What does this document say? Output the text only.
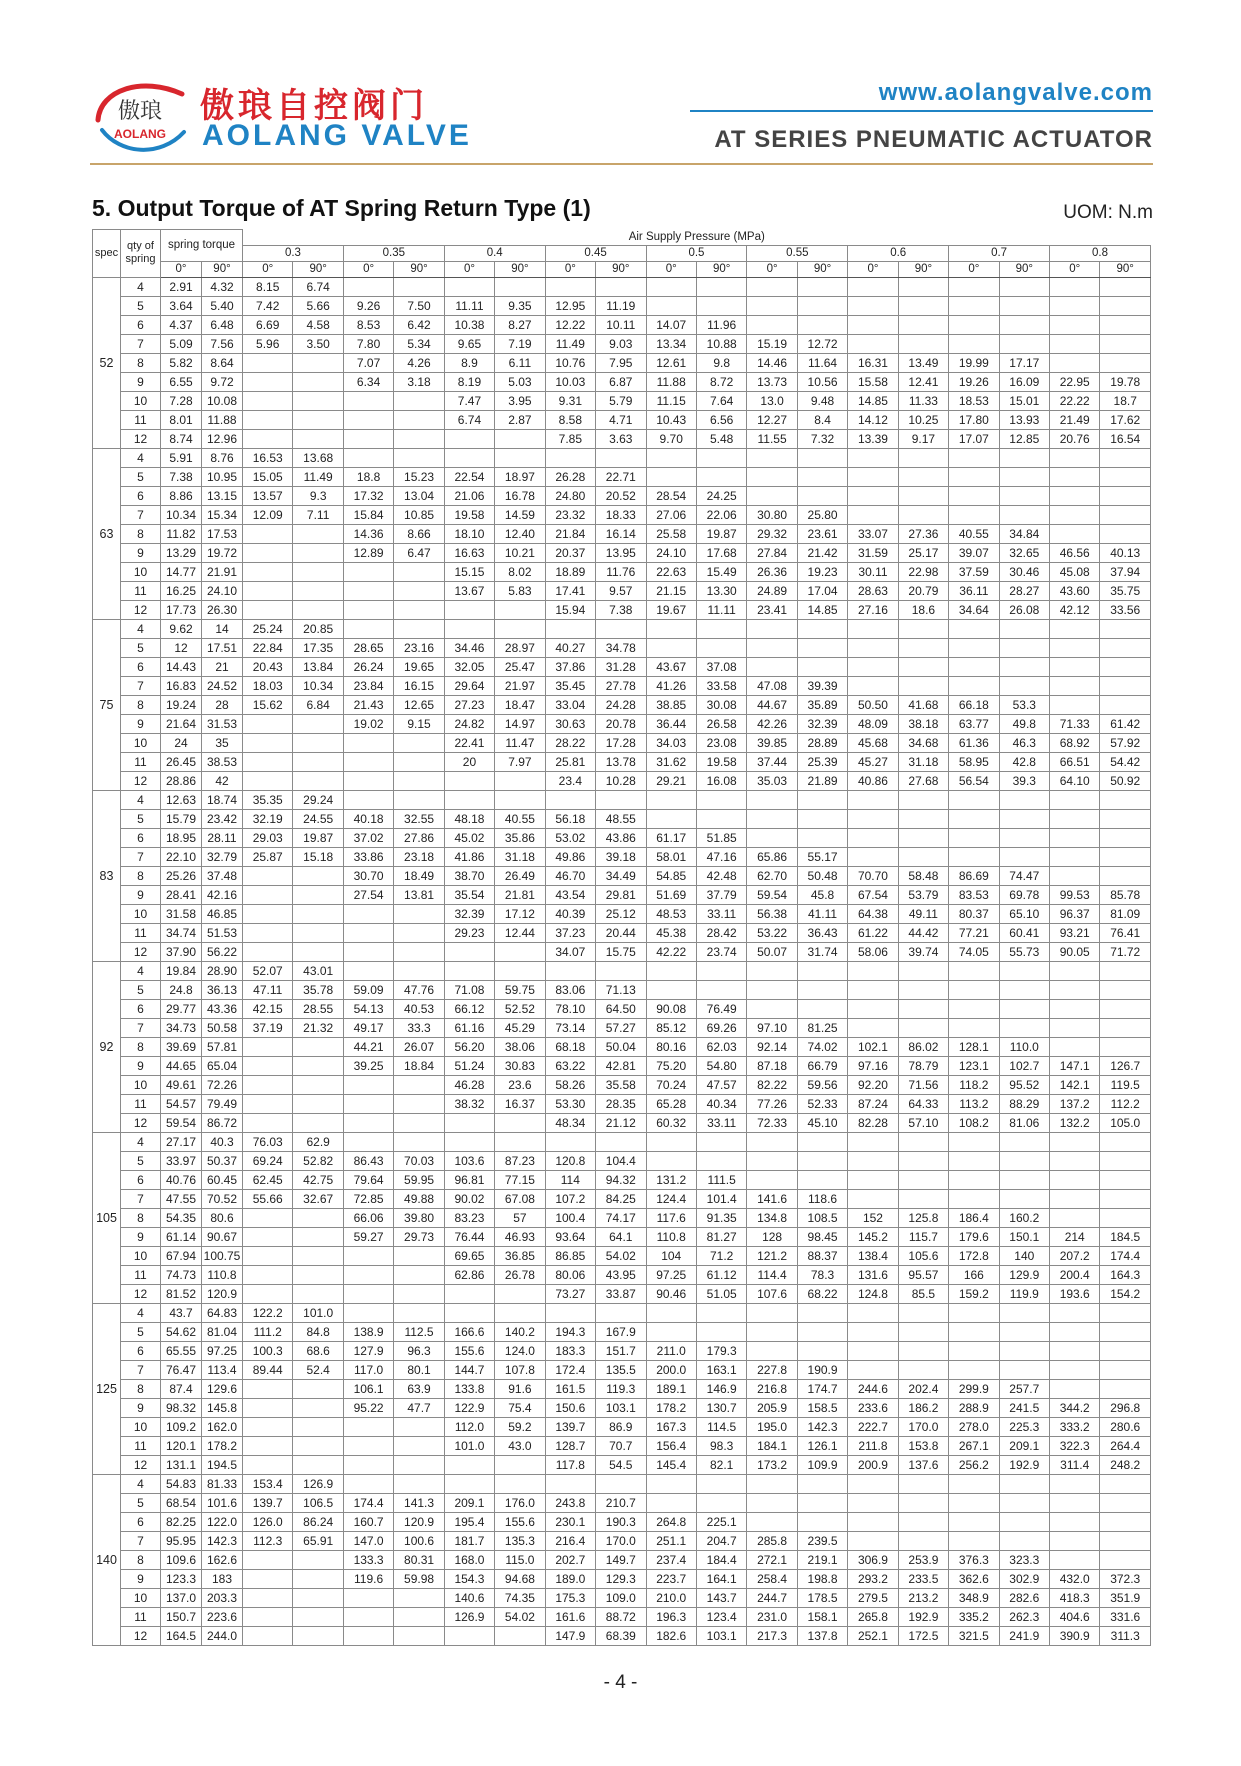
傲琅
AOLANG
傲琅自控阀门
AOLANG VALVE
www.aolangvalve.com
AT SERIES PNEUMATIC ACTUATOR
5. Output Torque of AT Spring Return Type (1)	UOM: N.m
spec	qty of spring	spring torque		Air Supply Pressure (MPa)																	
				0.3		0.35		0.4		0.45		0.5		0.55		0.6		0.7		0.8	
		0°	90°	0°	90°	0°	90°	0°	90°	0°	90°	0°	90°	0°	90°	0°	90°	0°	90°	0°	90°
52	4	2.91	4.32	8.15	6.74																
	5	3.64	5.40	7.42	5.66	9.26	7.50	11.11	9.35	12.95	11.19										
	6	4.37	6.48	6.69	4.58	8.53	6.42	10.38	8.27	12.22	10.11	14.07	11.96								
	7	5.09	7.56	5.96	3.50	7.80	5.34	9.65	7.19	11.49	9.03	13.34	10.88	15.19	12.72						
	8	5.82	8.64			7.07	4.26	8.9	6.11	10.76	7.95	12.61	9.8	14.46	11.64	16.31	13.49	19.99	17.17		
	9	6.55	9.72			6.34	3.18	8.19	5.03	10.03	6.87	11.88	8.72	13.73	10.56	15.58	12.41	19.26	16.09	22.95	19.78
	10	7.28	10.08					7.47	3.95	9.31	5.79	11.15	7.64	13.0	9.48	14.85	11.33	18.53	15.01	22.22	18.7
	11	8.01	11.88					6.74	2.87	8.58	4.71	10.43	6.56	12.27	8.4	14.12	10.25	17.80	13.93	21.49	17.62
	12	8.74	12.96							7.85	3.63	9.70	5.48	11.55	7.32	13.39	9.17	17.07	12.85	20.76	16.54
63	4	5.91	8.76	16.53	13.68																
	5	7.38	10.95	15.05	11.49	18.8	15.23	22.54	18.97	26.28	22.71										
	6	8.86	13.15	13.57	9.3	17.32	13.04	21.06	16.78	24.80	20.52	28.54	24.25								
	7	10.34	15.34	12.09	7.11	15.84	10.85	19.58	14.59	23.32	18.33	27.06	22.06	30.80	25.80						
	8	11.82	17.53			14.36	8.66	18.10	12.40	21.84	16.14	25.58	19.87	29.32	23.61	33.07	27.36	40.55	34.84		
	9	13.29	19.72			12.89	6.47	16.63	10.21	20.37	13.95	24.10	17.68	27.84	21.42	31.59	25.17	39.07	32.65	46.56	40.13
	10	14.77	21.91					15.15	8.02	18.89	11.76	22.63	15.49	26.36	19.23	30.11	22.98	37.59	30.46	45.08	37.94
	11	16.25	24.10					13.67	5.83	17.41	9.57	21.15	13.30	24.89	17.04	28.63	20.79	36.11	28.27	43.60	35.75
	12	17.73	26.30							15.94	7.38	19.67	11.11	23.41	14.85	27.16	18.6	34.64	26.08	42.12	33.56
75	4	9.62	14	25.24	20.85																
	5	12	17.51	22.84	17.35	28.65	23.16	34.46	28.97	40.27	34.78										
	6	14.43	21	20.43	13.84	26.24	19.65	32.05	25.47	37.86	31.28	43.67	37.08								
	7	16.83	24.52	18.03	10.34	23.84	16.15	29.64	21.97	35.45	27.78	41.26	33.58	47.08	39.39						
	8	19.24	28	15.62	6.84	21.43	12.65	27.23	18.47	33.04	24.28	38.85	30.08	44.67	35.89	50.50	41.68	66.18	53.3		
	9	21.64	31.53			19.02	9.15	24.82	14.97	30.63	20.78	36.44	26.58	42.26	32.39	48.09	38.18	63.77	49.8	71.33	61.42
	10	24	35					22.41	11.47	28.22	17.28	34.03	23.08	39.85	28.89	45.68	34.68	61.36	46.3	68.92	57.92
	11	26.45	38.53					20	7.97	25.81	13.78	31.62	19.58	37.44	25.39	45.27	31.18	58.95	42.8	66.51	54.42
	12	28.86	42							23.4	10.28	29.21	16.08	35.03	21.89	40.86	27.68	56.54	39.3	64.10	50.92
83	4	12.63	18.74	35.35	29.24																
	5	15.79	23.42	32.19	24.55	40.18	32.55	48.18	40.55	56.18	48.55										
	6	18.95	28.11	29.03	19.87	37.02	27.86	45.02	35.86	53.02	43.86	61.17	51.85								
	7	22.10	32.79	25.87	15.18	33.86	23.18	41.86	31.18	49.86	39.18	58.01	47.16	65.86	55.17						
	8	25.26	37.48			30.70	18.49	38.70	26.49	46.70	34.49	54.85	42.48	62.70	50.48	70.70	58.48	86.69	74.47		
	9	28.41	42.16			27.54	13.81	35.54	21.81	43.54	29.81	51.69	37.79	59.54	45.8	67.54	53.79	83.53	69.78	99.53	85.78
	10	31.58	46.85					32.39	17.12	40.39	25.12	48.53	33.11	56.38	41.11	64.38	49.11	80.37	65.10	96.37	81.09
	11	34.74	51.53					29.23	12.44	37.23	20.44	45.38	28.42	53.22	36.43	61.22	44.42	77.21	60.41	93.21	76.41
	12	37.90	56.22							34.07	15.75	42.22	23.74	50.07	31.74	58.06	39.74	74.05	55.73	90.05	71.72
92	4	19.84	28.90	52.07	43.01																
	5	24.8	36.13	47.11	35.78	59.09	47.76	71.08	59.75	83.06	71.13										
	6	29.77	43.36	42.15	28.55	54.13	40.53	66.12	52.52	78.10	64.50	90.08	76.49								
	7	34.73	50.58	37.19	21.32	49.17	33.3	61.16	45.29	73.14	57.27	85.12	69.26	97.10	81.25						
	8	39.69	57.81			44.21	26.07	56.20	38.06	68.18	50.04	80.16	62.03	92.14	74.02	102.1	86.02	128.1	110.0		
	9	44.65	65.04			39.25	18.84	51.24	30.83	63.22	42.81	75.20	54.80	87.18	66.79	97.16	78.79	123.1	102.7	147.1	126.7
	10	49.61	72.26					46.28	23.6	58.26	35.58	70.24	47.57	82.22	59.56	92.20	71.56	118.2	95.52	142.1	119.5
	11	54.57	79.49					38.32	16.37	53.30	28.35	65.28	40.34	77.26	52.33	87.24	64.33	113.2	88.29	137.2	112.2
	12	59.54	86.72							48.34	21.12	60.32	33.11	72.33	45.10	82.28	57.10	108.2	81.06	132.2	105.0
105	4	27.17	40.3	76.03	62.9																
	5	33.97	50.37	69.24	52.82	86.43	70.03	103.6	87.23	120.8	104.4										
	6	40.76	60.45	62.45	42.75	79.64	59.95	96.81	77.15	114	94.32	131.2	111.5								
	7	47.55	70.52	55.66	32.67	72.85	49.88	90.02	67.08	107.2	84.25	124.4	101.4	141.6	118.6						
	8	54.35	80.6			66.06	39.80	83.23	57	100.4	74.17	117.6	91.35	134.8	108.5	152	125.8	186.4	160.2		
	9	61.14	90.67			59.27	29.73	76.44	46.93	93.64	64.1	110.8	81.27	128	98.45	145.2	115.7	179.6	150.1	214	184.5
	10	67.94	100.75					69.65	36.85	86.85	54.02	104	71.2	121.2	88.37	138.4	105.6	172.8	140	207.2	174.4
	11	74.73	110.8					62.86	26.78	80.06	43.95	97.25	61.12	114.4	78.3	131.6	95.57	166	129.9	200.4	164.3
	12	81.52	120.9							73.27	33.87	90.46	51.05	107.6	68.22	124.8	85.5	159.2	119.9	193.6	154.2
125	4	43.7	64.83	122.2	101.0																
	5	54.62	81.04	111.2	84.8	138.9	112.5	166.6	140.2	194.3	167.9										
	6	65.55	97.25	100.3	68.6	127.9	96.3	155.6	124.0	183.3	151.7	211.0	179.3								
	7	76.47	113.4	89.44	52.4	117.0	80.1	144.7	107.8	172.4	135.5	200.0	163.1	227.8	190.9						
	8	87.4	129.6			106.1	63.9	133.8	91.6	161.5	119.3	189.1	146.9	216.8	174.7	244.6	202.4	299.9	257.7		
	9	98.32	145.8			95.22	47.7	122.9	75.4	150.6	103.1	178.2	130.7	205.9	158.5	233.6	186.2	288.9	241.5	344.2	296.8
	10	109.2	162.0					112.0	59.2	139.7	86.9	167.3	114.5	195.0	142.3	222.7	170.0	278.0	225.3	333.2	280.6
	11	120.1	178.2					101.0	43.0	128.7	70.7	156.4	98.3	184.1	126.1	211.8	153.8	267.1	209.1	322.3	264.4
	12	131.1	194.5							117.8	54.5	145.4	82.1	173.2	109.9	200.9	137.6	256.2	192.9	311.4	248.2
140	4	54.83	81.33	153.4	126.9																
	5	68.54	101.6	139.7	106.5	174.4	141.3	209.1	176.0	243.8	210.7										
	6	82.25	122.0	126.0	86.24	160.7	120.9	195.4	155.6	230.1	190.3	264.8	225.1								
	7	95.95	142.3	112.3	65.91	147.0	100.6	181.7	135.3	216.4	170.0	251.1	204.7	285.8	239.5						
	8	109.6	162.6			133.3	80.31	168.0	115.0	202.7	149.7	237.4	184.4	272.1	219.1	306.9	253.9	376.3	323.3		
	9	123.3	183			119.6	59.98	154.3	94.68	189.0	129.3	223.7	164.1	258.4	198.8	293.2	233.5	362.6	302.9	432.0	372.3
	10	137.0	203.3					140.6	74.35	175.3	109.0	210.0	143.7	244.7	178.5	279.5	213.2	348.9	282.6	418.3	351.9
	11	150.7	223.6					126.9	54.02	161.6	88.72	196.3	123.4	231.0	158.1	265.8	192.9	335.2	262.3	404.6	331.6
	12	164.5	244.0							147.9	68.39	182.6	103.1	217.3	137.8	252.1	172.5	321.5	241.9	390.9	311.3
- 4 -
